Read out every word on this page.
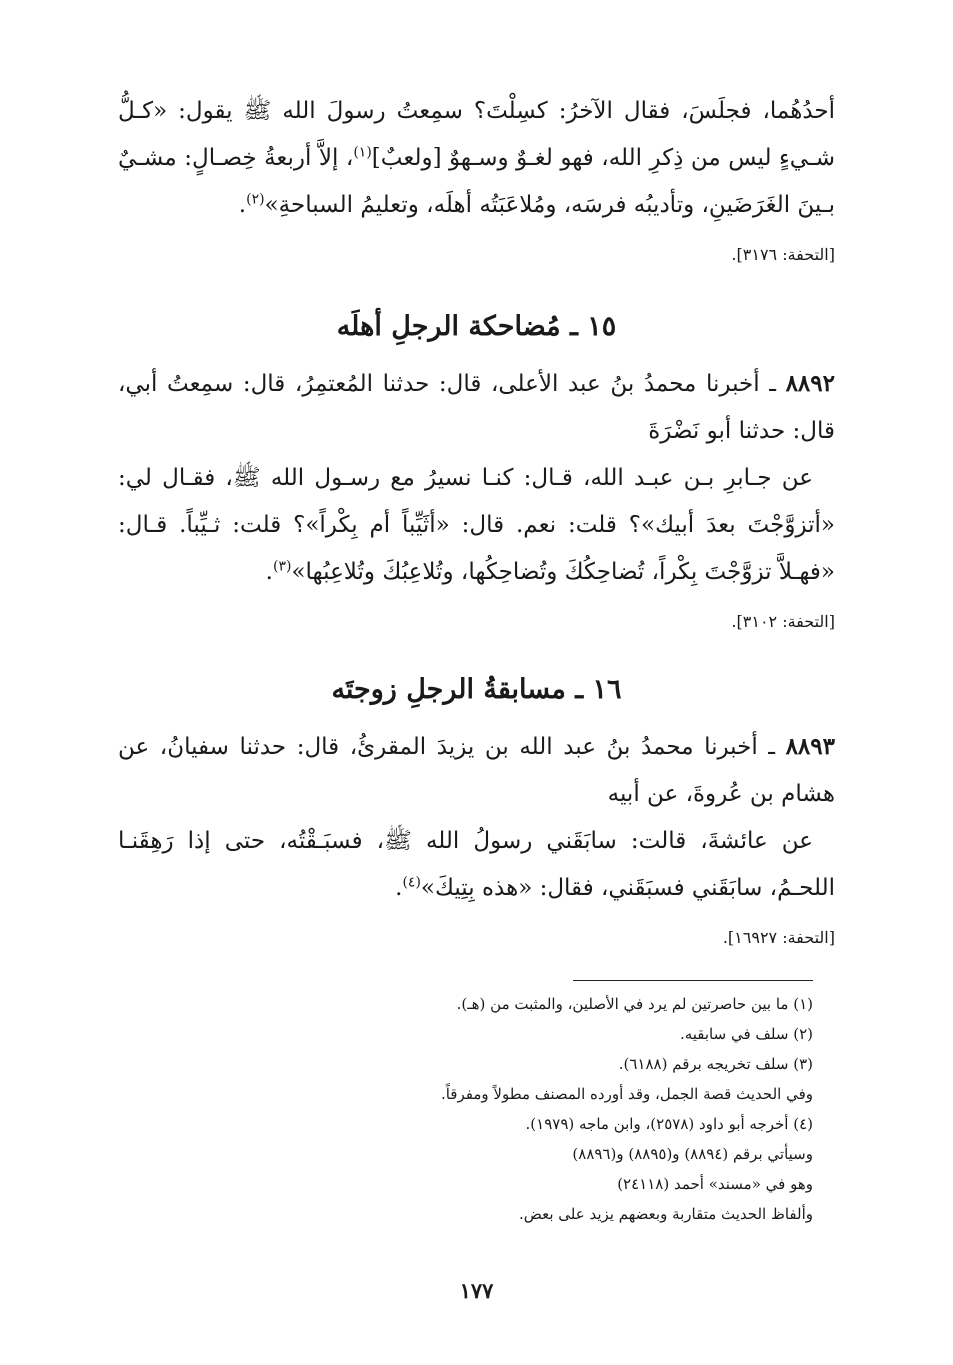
أحدُهُما، فجلَسَ، فقال الآخرُ: كسِلْتَ؟ سمِعتُ رسولَ الله ﷺ يقول: «كـلُّ شـيءٍ ليس من ذِكرِ الله، فهو لغـوٌ وسـهوٌ [ولعبٌ]$^{(١)}$، إلاَّ أربعةُ خِصـالٍ: مشـيٌ بـينَ الغَرَضَينِ، وتأديبُه فرسَه، ومُلاعَبَتُه أهلَه، وتعليمُ السباحةِ»$^{(٢)}$.

[التحفة: ٣١٧٦].

١٥ ـ مُضاحكة الرجلِ أهلَه

٨٨٩٢ ـ أخبرنا محمدُ بنُ عبد الأعلى، قال: حدثنا المُعتمِرُ، قال: سمِعتُ أبي، قال: حدثنا أبو نَضْرَةَ

عن جـابرِ بـن عبـد الله، قـال: كنـا نسيرُ مع رسـول الله ﷺ، فقـال لي: «أتزوَّجْتَ بعدَ أبيك»؟ قلت: نعم. قال: «أثَيِّباً أم بِكْراً»؟ قلت: ثـيِّباً. قـال: «فهـلاَّ تزوَّجْتَ بِكْراً، تُضاحِكُكَ وتُضاحِكُها، وتُلاعِبُكَ وتُلاعِبُها»$^{(٣)}$.

[التحفة: ٣١٠٢].

١٦ ـ مسابقةُ الرجلِ زوجتَه

٨٨٩٣ ـ أخبرنا محمدُ بنُ عبد الله بن يزيدَ المقرئُ، قال: حدثنا سفيانُ، عن هشام بن عُروةَ، عن أبيه

عن عائشةَ، قالت: سابَقَني رسولُ الله ﷺ، فسبَـقْتُه، حتى إذا رَهِقَنـا اللحـمُ، سابَقَني فسبَقَني، فقال: «هذه بِتِيكَ»$^{(٤)}$.

[التحفة: ١٦٩٢٧].

(١) ما بين حاصرتين لم يرد في الأصلين، والمثبت من (هـ).
(٢) سلف في سابقيه.
(٣) سلف تخريجه برقم (٦١٨٨).
وفي الحديث قصة الجمل، وقد أورده المصنف مطولاً ومفرقاً.
(٤) أخرجه أبو داود (٢٥٧٨)، وابن ماجه (١٩٧٩).
وسيأتي برقم (٨٨٩٤) و(٨٨٩٥) و(٨٨٩٦)
وهو في «مسند» أحمد (٢٤١١٨)
وألفاظ الحديث متقاربة وبعضهم يزيد على بعض.
١٧٧
